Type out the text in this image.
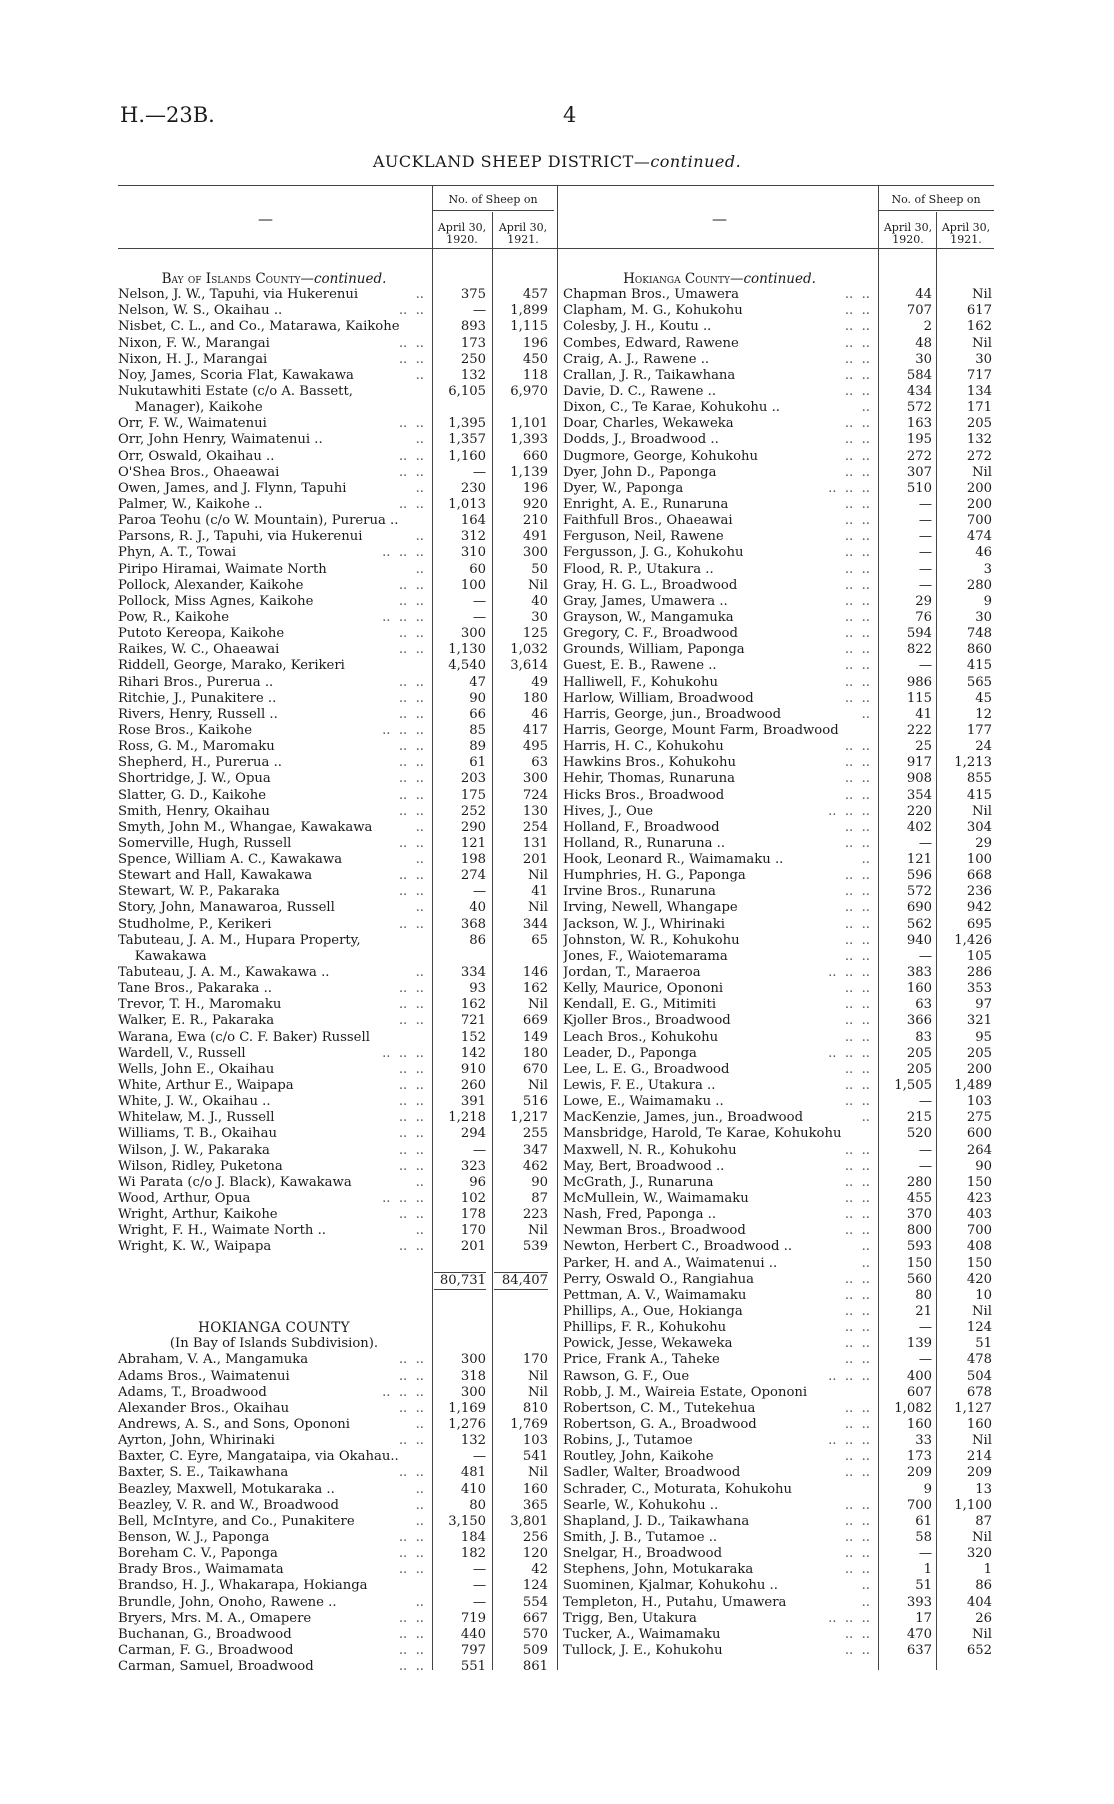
H.—23B.	4
AUCKLAND SHEEP DISTRICT—continued.
—
No. of Sheep on
April 30, 1920.
April 30, 1921.
—
No. of Sheep on
April 30, 1920.
April 30, 1921.
Bay of Islands County—continued.
Nelson, J. W., Tapuhi, via Hukerenui	..	375	457
Nelson, W. S., Okaihau ..	..  ..	—	1,899
Nisbet, C. L., and Co., Matarawa, Kaikohe	893	1,115
Nixon, F. W., Marangai	..  ..	173	196
Nixon, H. J., Marangai	..  ..	250	450
Noy, James, Scoria Flat, Kawakawa	..	132	118
Nukutawhiti Estate (c/o A. Bassett,	6,105	6,970
Manager), Kaikohe
Orr, F. W., Waimatenui	..  ..	1,395	1,101
Orr, John Henry, Waimatenui ..	..	1,357	1,393
Orr, Oswald, Okaihau ..	..  ..	1,160	660
O'Shea Bros., Ohaeawai	..  ..	—	1,139
Owen, James, and J. Flynn, Tapuhi	..	230	196
Palmer, W., Kaikohe ..	..  ..	1,013	920
Paroa Teohu (c/o W. Mountain), Pureruа ..	164	210
Parsons, R. J., Tapuhi, via Hukerenui	..	312	491
Phyn, A. T., Towai	..  ..  ..	310	300
Piripo Hiramai, Waimate North	..	60	50
Pollock, Alexander, Kaikohe	..  ..	100	Nil
Pollock, Miss Agnes, Kaikohe	..  ..	—	40
Pow, R., Kaikohe	..  ..  ..	—	30
Putoto Kereopa, Kaikohe	..  ..	300	125
Raikes, W. C., Ohaeawai	..  ..	1,130	1,032
Riddell, George, Marako, Kerikeri	4,540	3,614
Rihari Bros., Pureruа ..	..  ..	47	49
Ritchie, J., Punakitere ..	..  ..	90	180
Rivers, Henry, Russell ..	..  ..	66	46
Rose Bros., Kaikohe	..  ..  ..	85	417
Ross, G. M., Maromaku	..  ..	89	495
Shepherd, H., Pureruа ..	..  ..	61	63
Shortridge, J. W., Opua	..  ..	203	300
Slatter, G. D., Kaikohe	..  ..	175	724
Smith, Henry, Okaihau	..  ..	252	130
Smyth, John M., Whangae, Kawakawa	..	290	254
Somerville, Hugh, Russell	..  ..	121	131
Spence, William A. C., Kawakawa	..	198	201
Stewart and Hall, Kawakawa	..  ..	274	Nil
Stewart, W. P., Pakaraka	..  ..	—	41
Story, John, Manawaroa, Russell	..	40	Nil
Studholme, P., Kerikeri	..  ..	368	344
Tabuteau, J. A. M., Hupara Property,	86	65
Kawakawa
Tabuteau, J. A. M., Kawakawa ..	..	334	146
Tane Bros., Pakaraka ..	..  ..	93	162
Trevor, T. H., Maromaku	..  ..	162	Nil
Walker, E. R., Pakaraka	..  ..	721	669
Warana, Ewa (c/o C. F. Baker) Russell	152	149
Wardell, V., Russell	..  ..  ..	142	180
Wells, John E., Okaihau	..  ..	910	670
White, Arthur E., Waipapa	..  ..	260	Nil
White, J. W., Okaihau ..	..  ..	391	516
Whitelaw, M. J., Russell	..  ..	1,218	1,217
Williams, T. B., Okaihau	..  ..	294	255
Wilson, J. W., Pakaraka	..  ..	—	347
Wilson, Ridley, Puketona	..  ..	323	462
Wi Parata (c/o J. Black), Kawakawa	..	96	90
Wood, Arthur, Opua	..  ..  ..	102	87
Wright, Arthur, Kaikohe	..  ..	178	223
Wright, F. H., Waimate North ..	..	170	Nil
Wright, K. W., Waipapa	..  ..	201	539
80,731	84,407
HOKIANGA COUNTY
(In Bay of Islands Subdivision).
Abraham, V. A., Mangamuka	..  ..	300	170
Adams Bros., Waimatenui	..  ..	318	Nil
Adams, T., Broadwood	..  ..  ..	300	Nil
Alexander Bros., Okaihau	..  ..	1,169	810
Andrews, A. S., and Sons, Opononi	..	1,276	1,769
Ayrton, John, Whirinaki	..  ..	132	103
Baxter, C. Eyre, Mangataipa, via Okahau..	—	541
Baxter, S. E., Taikawhana	..  ..	481	Nil
Beazley, Maxwell, Motukaraka ..	..	410	160
Beazley, V. R. and W., Broadwood	..	80	365
Bell, McIntyre, and Co., Punakitere	..	3,150	3,801
Benson, W. J., Paponga	..  ..	184	256
Boreham C. V., Paponga	..  ..	182	120
Brady Bros., Waimamata	..  ..	—	42
Brandso, H. J., Whakarapa, Hokianga	—	124
Brundle, John, Onoho, Rawene ..	..	—	554
Bryers, Mrs. M. A., Omapere	..  ..	719	667
Buchanan, G., Broadwood	..  ..	440	570
Carman, F. G., Broadwood	..  ..	797	509
Carman, Samuel, Broadwood	..  ..	551	861
Hokianga County—continued.
Chapman Bros., Umawera	..  ..	44	Nil
Clapham, M. G., Kohukohu	..  ..	707	617
Colesby, J. H., Koutu ..	..  ..	2	162
Combes, Edward, Rawene	..  ..	48	Nil
Craig, A. J., Rawene ..	..  ..	30	30
Crallan, J. R., Taikawhana	..  ..	584	717
Davie, D. C., Rawene ..	..  ..	434	134
Dixon, C., Te Karae, Kohukohu ..	..	572	171
Doar, Charles, Wekaweka	..  ..	163	205
Dodds, J., Broadwood ..	..  ..	195	132
Dugmore, George, Kohukohu	..  ..	272	272
Dyer, John D., Paponga	..  ..	307	Nil
Dyer, W., Paponga	..  ..  ..	510	200
Enright, A. E., Runaruna	..  ..	—	200
Faithfull Bros., Ohaeawai	..  ..	—	700
Ferguson, Neil, Rawene	..  ..	—	474
Fergusson, J. G., Kohukohu	..  ..	—	46
Flood, R. P., Utakura ..	..  ..	—	3
Gray, H. G. L., Broadwood	..  ..	—	280
Gray, James, Umawera ..	..  ..	29	9
Grayson, W., Mangamuka	..  ..	76	30
Gregory, C. F., Broadwood	..  ..	594	748
Grounds, William, Paponga	..  ..	822	860
Guest, E. B., Rawene ..	..  ..	—	415
Halliwell, F., Kohukohu	..  ..	986	565
Harlow, William, Broadwood	..  ..	115	45
Harris, George, jun., Broadwood	..	41	12
Harris, George, Mount Farm, Broadwood	222	177
Harris, H. C., Kohukohu	..  ..	25	24
Hawkins Bros., Kohukohu	..  ..	917	1,213
Hehir, Thomas, Runaruna	..  ..	908	855
Hicks Bros., Broadwood	..  ..	354	415
Hives, J., Oue	..  ..  ..	220	Nil
Holland, F., Broadwood	..  ..	402	304
Holland, R., Runaruna ..	..  ..	—	29
Hook, Leonard R., Waimamaku ..	..	121	100
Humphries, H. G., Paponga	..  ..	596	668
Irvine Bros., Runaruna	..  ..	572	236
Irving, Newell, Whangape	..  ..	690	942
Jackson, W. J., Whirinaki	..  ..	562	695
Johnston, W. R., Kohukohu	..  ..	940	1,426
Jones, F., Waiotemarama	..  ..	—	105
Jordan, T., Maraeroa	..  ..  ..	383	286
Kelly, Maurice, Opononi	..  ..	160	353
Kendall, E. G., Mitimiti	..  ..	63	97
Kjoller Bros., Broadwood	..  ..	366	321
Leach Bros., Kohukohu	..  ..	83	95
Leader, D., Paponga	..  ..  ..	205	205
Lee, L. E. G., Broadwood	..  ..	205	200
Lewis, F. E., Utakura ..	..  ..	1,505	1,489
Lowe, E., Waimamaku ..	..  ..	—	103
MacKenzie, James, jun., Broadwood	..	215	275
Mansbridge, Harold, Te Karae, Kohukohu	520	600
Maxwell, N. R., Kohukohu	..  ..	—	264
May, Bert, Broadwood ..	..  ..	—	90
McGrath, J., Runaruna	..  ..	280	150
McMullein, W., Waimamaku	..  ..	455	423
Nash, Fred, Paponga ..	..  ..	370	403
Newman Bros., Broadwood	..  ..	800	700
Newton, Herbert C., Broadwood ..	..	593	408
Parker, H. and A., Waimatenui ..	..	150	150
Perry, Oswald O., Rangiahua	..  ..	560	420
Pettman, A. V., Waimamaku	..  ..	80	10
Phillips, A., Oue, Hokianga	..  ..	21	Nil
Phillips, F. R., Kohukohu	..  ..	—	124
Powick, Jesse, Wekaweka	..  ..	139	51
Price, Frank A., Taheke	..  ..	—	478
Rawson, G. F., Oue	..  ..  ..	400	504
Robb, J. M., Waireia Estate, Opononi	607	678
Robertson, C. M., Tutekehua	..  ..	1,082	1,127
Robertson, G. A., Broadwood	..  ..	160	160
Robins, J., Tutamoe	..  ..  ..	33	Nil
Routley, John, Kaikohe	..  ..	173	214
Sadler, Walter, Broadwood	..  ..	209	209
Schrader, C., Moturata, Kohukohu	9	13
Searle, W., Kohukohu ..	..  ..	700	1,100
Shapland, J. D., Taikawhana	..  ..	61	87
Smith, J. B., Tutamoe ..	..  ..	58	Nil
Snelgar, H., Broadwood	..  ..	—	320
Stephens, John, Motukaraka	..  ..	1	1
Suominen, Kjalmar, Kohukohu ..	..	51	86
Templeton, H., Putahu, Umawera	..	393	404
Trigg, Ben, Utakura	..  ..  ..	17	26
Tucker, A., Waimamaku	..  ..	470	Nil
Tullock, J. E., Kohukohu	..  ..	637	652
